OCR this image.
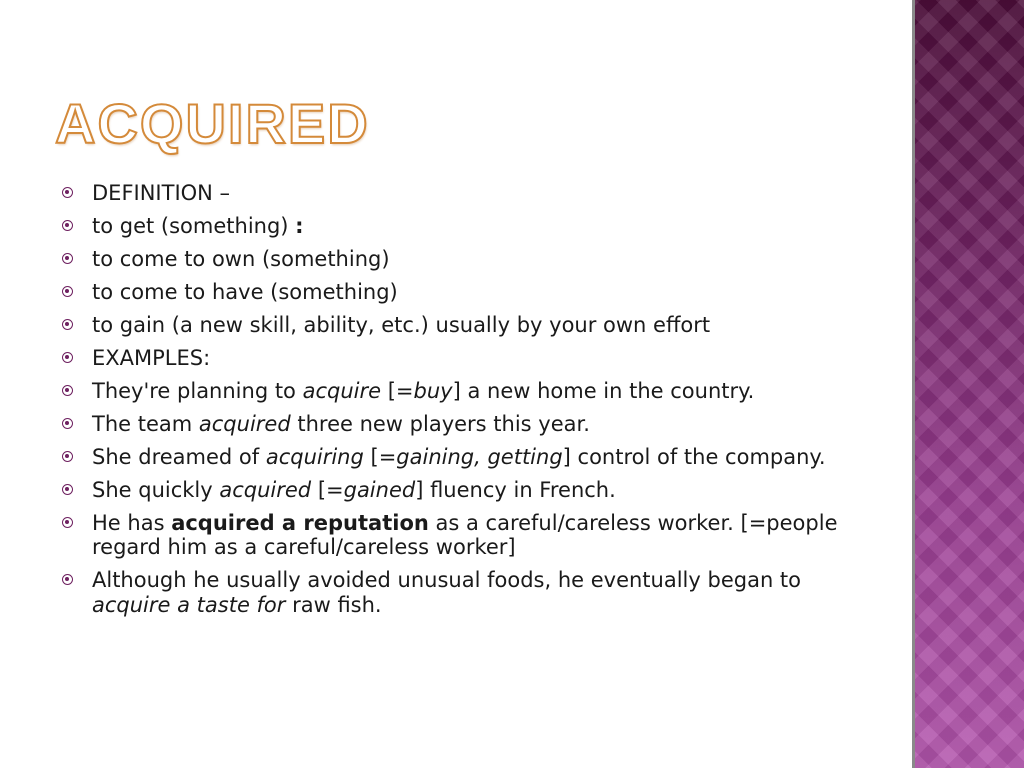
ACQUIRED
DEFINITION –
to get (something) :
to come to own (something)
to come to have (something)
to gain (a new skill, ability, etc.) usually by your own effort
EXAMPLES:
They're planning to acquire [=buy] a new home in the country.
The team acquired three new players this year.
She dreamed of acquiring [=gaining, getting] control of the company.
She quickly acquired [=gained] fluency in French.
He has acquired a reputation as a careful/careless worker. [=people regard him as a careful/careless worker]
Although he usually avoided unusual foods, he eventually began to acquire a taste for raw fish.
